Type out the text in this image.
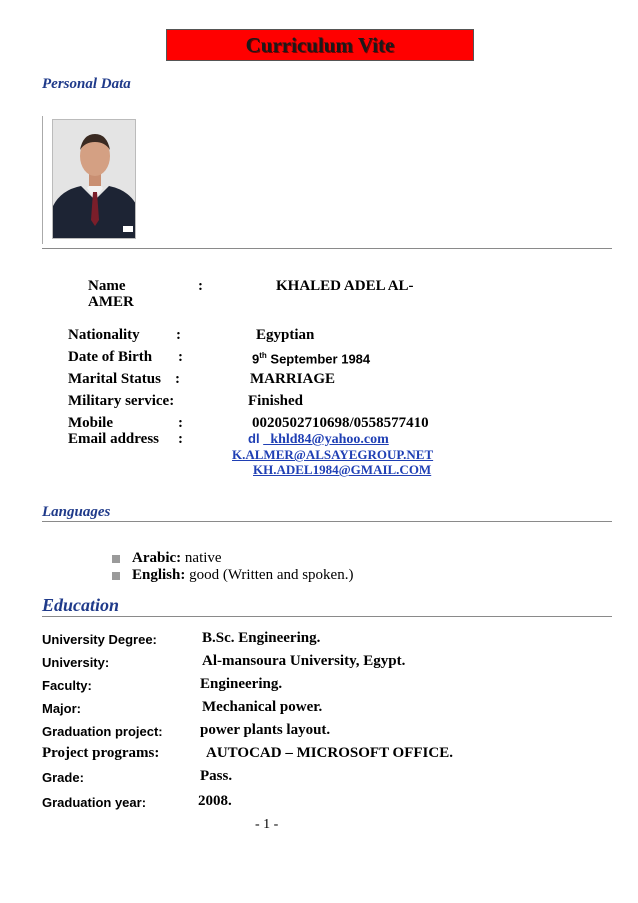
Curriculum Vite
Personal Data
Name	:	KHALED ADEL AL-
AMER
Nationality :	Egyptian
Date of Birth :	9th September 1984
Marital Status :	MARRIAGE
Military service:	Finished
Mobile	:	0020502710698/0558577410
Email address :	dl _khld84@yahoo.com
K.ALMER@ALSAYEGROUP.NET
KH.ADEL1984@GMAIL.COM
Languages
Arabic: native
English: good (Written and spoken.)
Education
University Degree:	B.Sc. Engineering.
University:	Al-mansoura University, Egypt.
Faculty:	Engineering.
Major:	Mechanical power.
Graduation project: power plants layout.
Project programs:	AUTOCAD – MICROSOFT OFFICE.
Grade:	Pass.
Graduation year:	2008.
- 1 -
